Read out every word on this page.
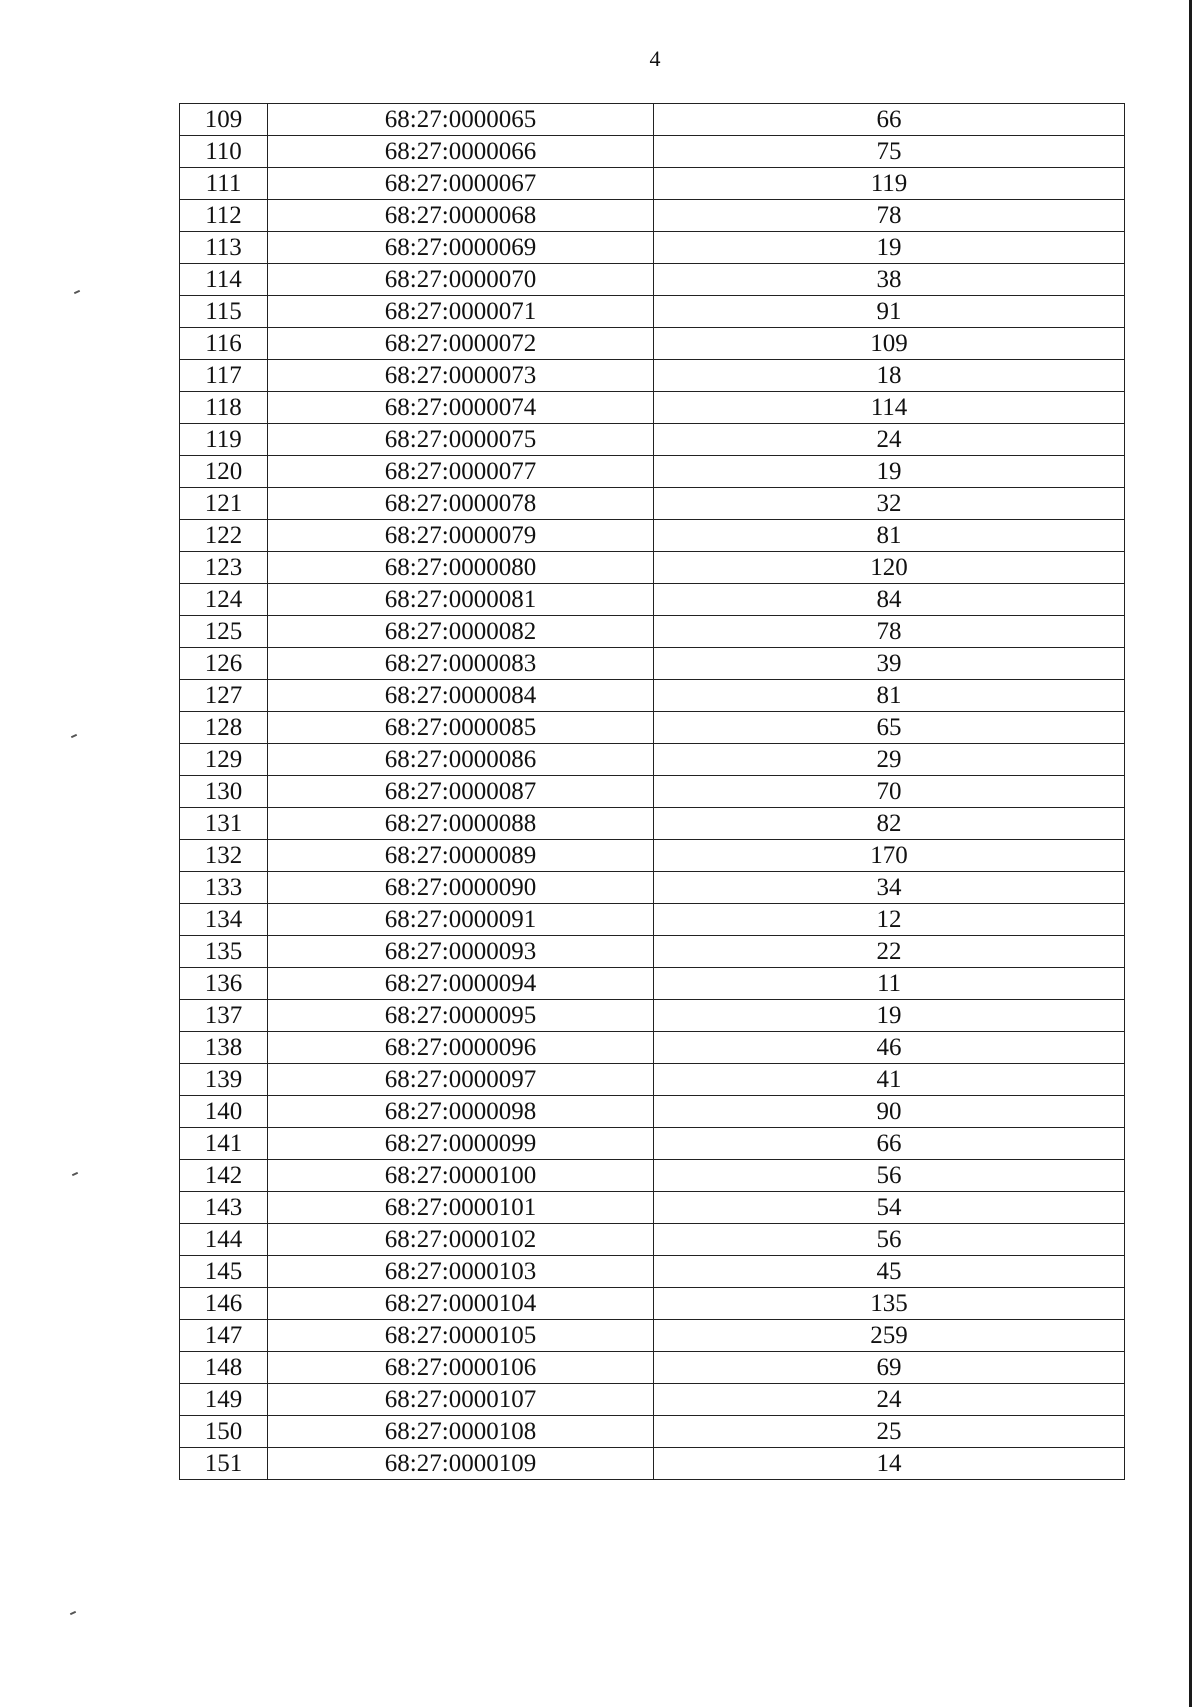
4
109	68:27:0000065	66
110	68:27:0000066	75
111	68:27:0000067	119
112	68:27:0000068	78
113	68:27:0000069	19
114	68:27:0000070	38
115	68:27:0000071	91
116	68:27:0000072	109
117	68:27:0000073	18
118	68:27:0000074	114
119	68:27:0000075	24
120	68:27:0000077	19
121	68:27:0000078	32
122	68:27:0000079	81
123	68:27:0000080	120
124	68:27:0000081	84
125	68:27:0000082	78
126	68:27:0000083	39
127	68:27:0000084	81
128	68:27:0000085	65
129	68:27:0000086	29
130	68:27:0000087	70
131	68:27:0000088	82
132	68:27:0000089	170
133	68:27:0000090	34
134	68:27:0000091	12
135	68:27:0000093	22
136	68:27:0000094	11
137	68:27:0000095	19
138	68:27:0000096	46
139	68:27:0000097	41
140	68:27:0000098	90
141	68:27:0000099	66
142	68:27:0000100	56
143	68:27:0000101	54
144	68:27:0000102	56
145	68:27:0000103	45
146	68:27:0000104	135
147	68:27:0000105	259
148	68:27:0000106	69
149	68:27:0000107	24
150	68:27:0000108	25
151	68:27:0000109	14
